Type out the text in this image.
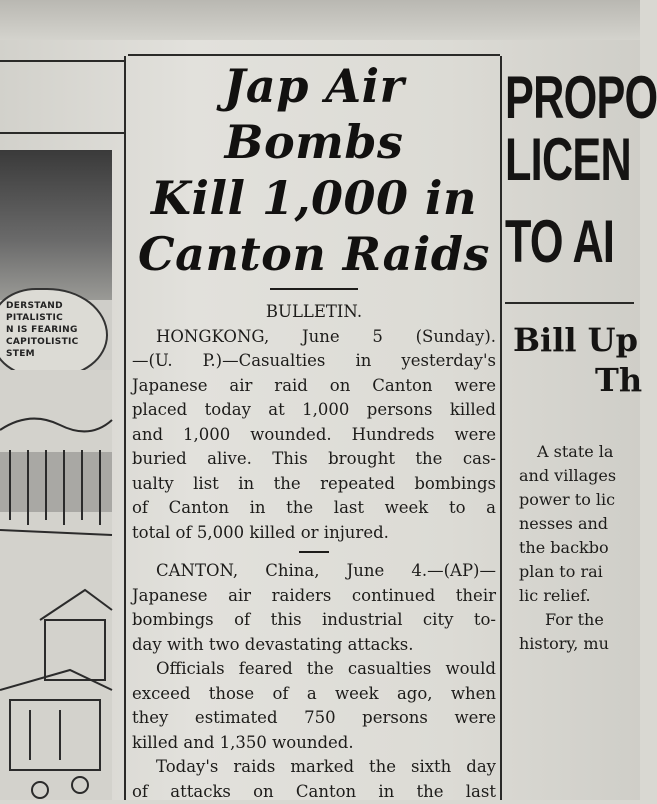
DERSTAND
PITALISTIC
N IS FEARING
CAPITOLISTIC
STEM

Jap Air Bombs
Kill 1,000 in
Canton Raids
BULLETIN.
HONGKONG, June 5 (Sunday).
—(U. P.)—Casualties in yesterday's
Japanese air raid on Canton were
placed today at 1,000 persons killed
and 1,000 wounded. Hundreds were
buried alive. This brought the cas-
ualty list in the repeated bombings
of Canton in the last week to a
total of 5,000 killed or injured.
CANTON, China, June 4.—(AP)—
Japanese air raiders continued their
bombings of this industrial city to-
day with two devastating attacks.
Officials feared the casualties would
exceed those of a week ago, when
they estimated 750 persons were
killed and 1,350 wounded.
Today's raids marked the sixth day
of attacks on Canton in the last
PROPO
LICEN
TO AI
Bill Up
Th

A state la

and villages

power to lic

nesses and

the backbo

plan to rai

lic relief.

For the

history, mu
